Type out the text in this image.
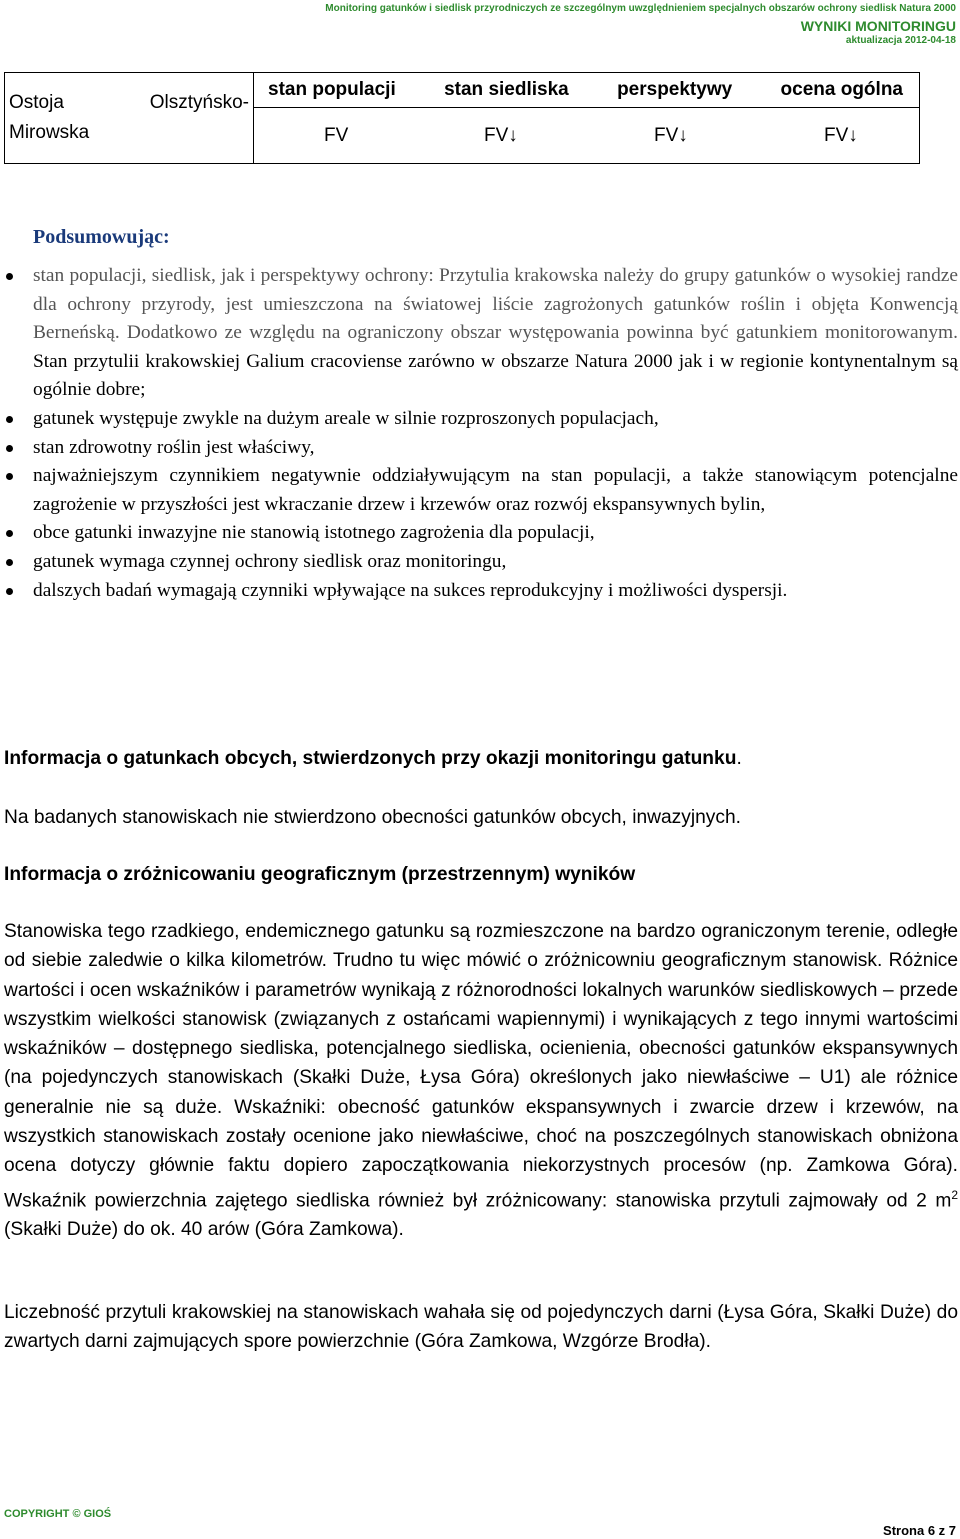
Monitoring gatunków i siedlisk przyrodniczych ze szczególnym uwzględnieniem specjalnych obszarów ochrony siedlisk Natura 2000
WYNIKI MONITORINGU
aktualizacja 2012-04-18
Ostoja	Olsztyńsko-
Mirowska

stan populacji	stan siedliska	perspektywy	ocena ogólna

FV	FV↓	FV↓	FV↓
Podsumowując:
stan populacji, siedlisk, jak i perspektywy ochrony: Przytulia krakowska należy do grupy gatunków o wysokiej randze dla ochrony przyrody, jest umieszczona na światowej liście zagrożonych gatunków roślin i objęta Konwencją Berneńską. Dodatkowo ze względu na ograniczony obszar występowania powinna być gatunkiem monitorowanym. Stan przytulii krakowskiej Galium cracoviense zarówno w obszarze Natura 2000 jak i w regionie kontynentalnym są ogólnie dobre;
gatunek występuje zwykle na dużym areale w silnie rozproszonych populacjach,
stan zdrowotny roślin jest właściwy,
najważniejszym czynnikiem negatywnie oddziaływującym na stan populacji, a także stanowiącym potencjalne zagrożenie w przyszłości jest wkraczanie drzew i krzewów oraz rozwój ekspansywnych bylin,
obce gatunki inwazyjne nie stanowią istotnego zagrożenia dla populacji,
gatunek wymaga czynnej ochrony siedlisk oraz monitoringu,
dalszych badań wymagają czynniki wpływające na sukces reprodukcyjny i możliwości dyspersji.
Informacja o gatunkach obcych, stwierdzonych przy okazji monitoringu gatunku.
Na badanych stanowiskach nie stwierdzono obecności gatunków obcych, inwazyjnych.
Informacja o zróżnicowaniu geograficznym (przestrzennym) wyników
Stanowiska tego rzadkiego, endemicznego gatunku są rozmieszczone na bardzo ograniczonym terenie, odległe od siebie zaledwie o kilka kilometrów. Trudno tu więc mówić o zróżnicowniu geograficznym stanowisk. Różnice wartości i ocen wskaźników i parametrów wynikają z różnorodności lokalnych warunków siedliskowych – przede wszystkim wielkości stanowisk (związanych z ostańcami wapiennymi) i wynikających z tego innymi wartościmi wskaźników – dostępnego siedliska, potencjalnego siedliska, ocienienia, obecności gatunków ekspansywnych (na pojedynczych stanowiskach (Skałki Duże, Łysa Góra) określonych jako niewłaściwe – U1) ale różnice generalnie nie są duże. Wskaźniki: obecność gatunków ekspansywnych i zwarcie drzew i krzewów, na wszystkich stanowiskach zostały ocenione jako niewłaściwe, choć na poszczególnych stanowiskach obniżona ocena dotyczy głównie faktu dopiero zapoczątkowania niekorzystnych procesów (np. Zamkowa Góra). Wskaźnik powierzchnia zajętego siedliska również był zróżnicowany: stanowiska przytuli zajmowały od 2 $m^2$ (Skałki Duże) do ok. 40 arów (Góra Zamkowa).
Liczebność przytuli krakowskiej na stanowiskach wahała się od pojedynczych darni (Łysa Góra, Skałki Duże) do zwartych darni zajmujących spore powierzchnie (Góra Zamkowa, Wzgórze Brodła).
COPYRIGHT © GIOŚ
Strona 6 z 7
